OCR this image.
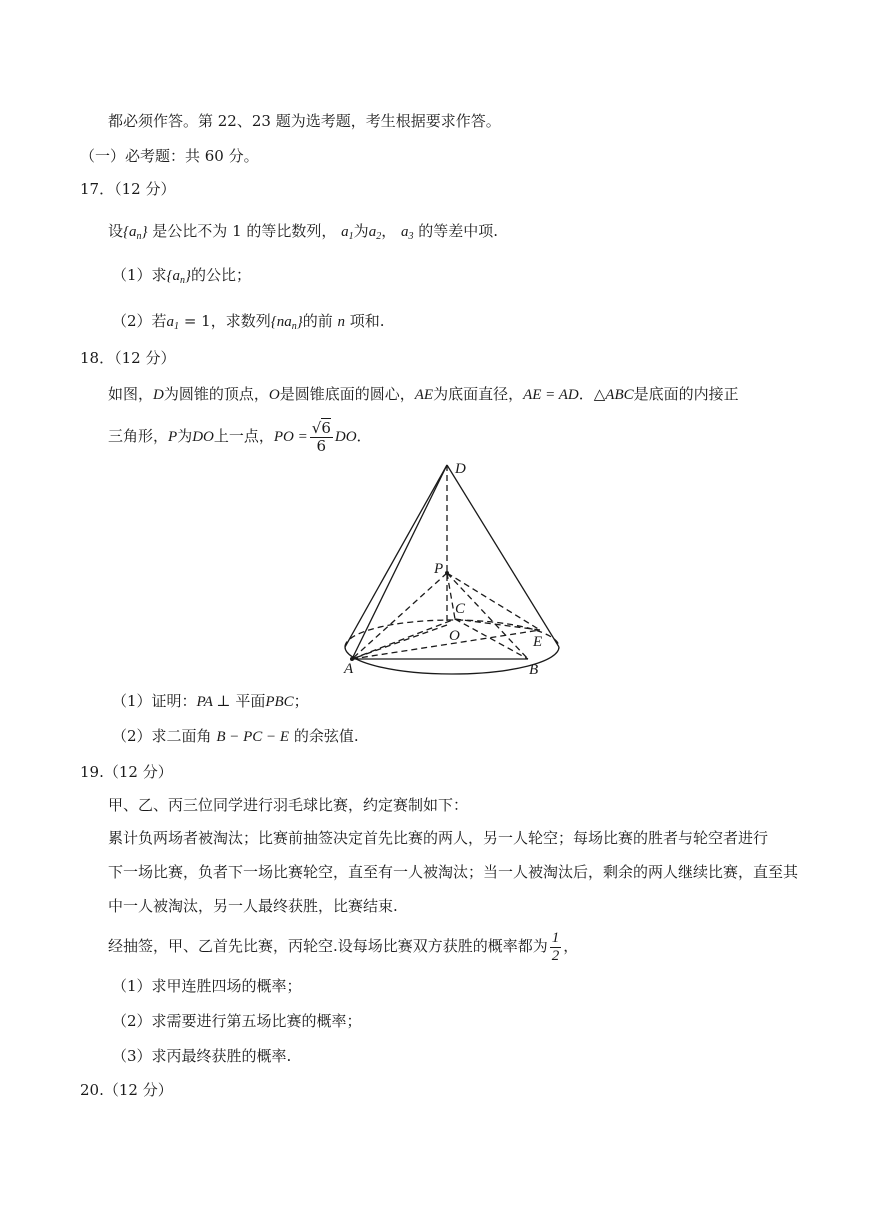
都必须作答。第 22、23 题为选考题，考生根据要求作答。
（一）必考题：共 60 分。
17．（12 分）
设$\{a_n\}$ 是公比不为 1 的等比数列， $a_1$为$a_2$， $a_3$ 的等差中项.
（1）求$\{a_n\}$的公比；
（2）若$a_1 = 1$，求数列$\{na_n\}$的前 n 项和.
18．（12 分）
如图，D为圆锥的顶点，O是圆锥底面的圆心，AE为底面直径，AE = AD．△ABC是底面的内接正
三角形，P为DO上一点，PO = $\frac{√6}{6}$ DO．
D
P
C
O	E
A	B
（1）证明：PA ⊥ 平面PBC；
（2）求二面角 B − PC − E 的余弦值.
19.（12 分）
甲、乙、丙三位同学进行羽毛球比赛，约定赛制如下：
累计负两场者被淘汰；比赛前抽签决定首先比赛的两人，另一人轮空；每场比赛的胜者与轮空者进行
下一场比赛，负者下一场比赛轮空，直至有一人被淘汰；当一人被淘汰后，剩余的两人继续比赛，直至其
中一人被淘汰，另一人最终获胜，比赛结束.
经抽签，甲、乙首先比赛，丙轮空.设每场比赛双方获胜的概率都为 $\frac{1}{2}$ ，
（1）求甲连胜四场的概率；
（2）求需要进行第五场比赛的概率；
（3）求丙最终获胜的概率.
20.（12 分）
